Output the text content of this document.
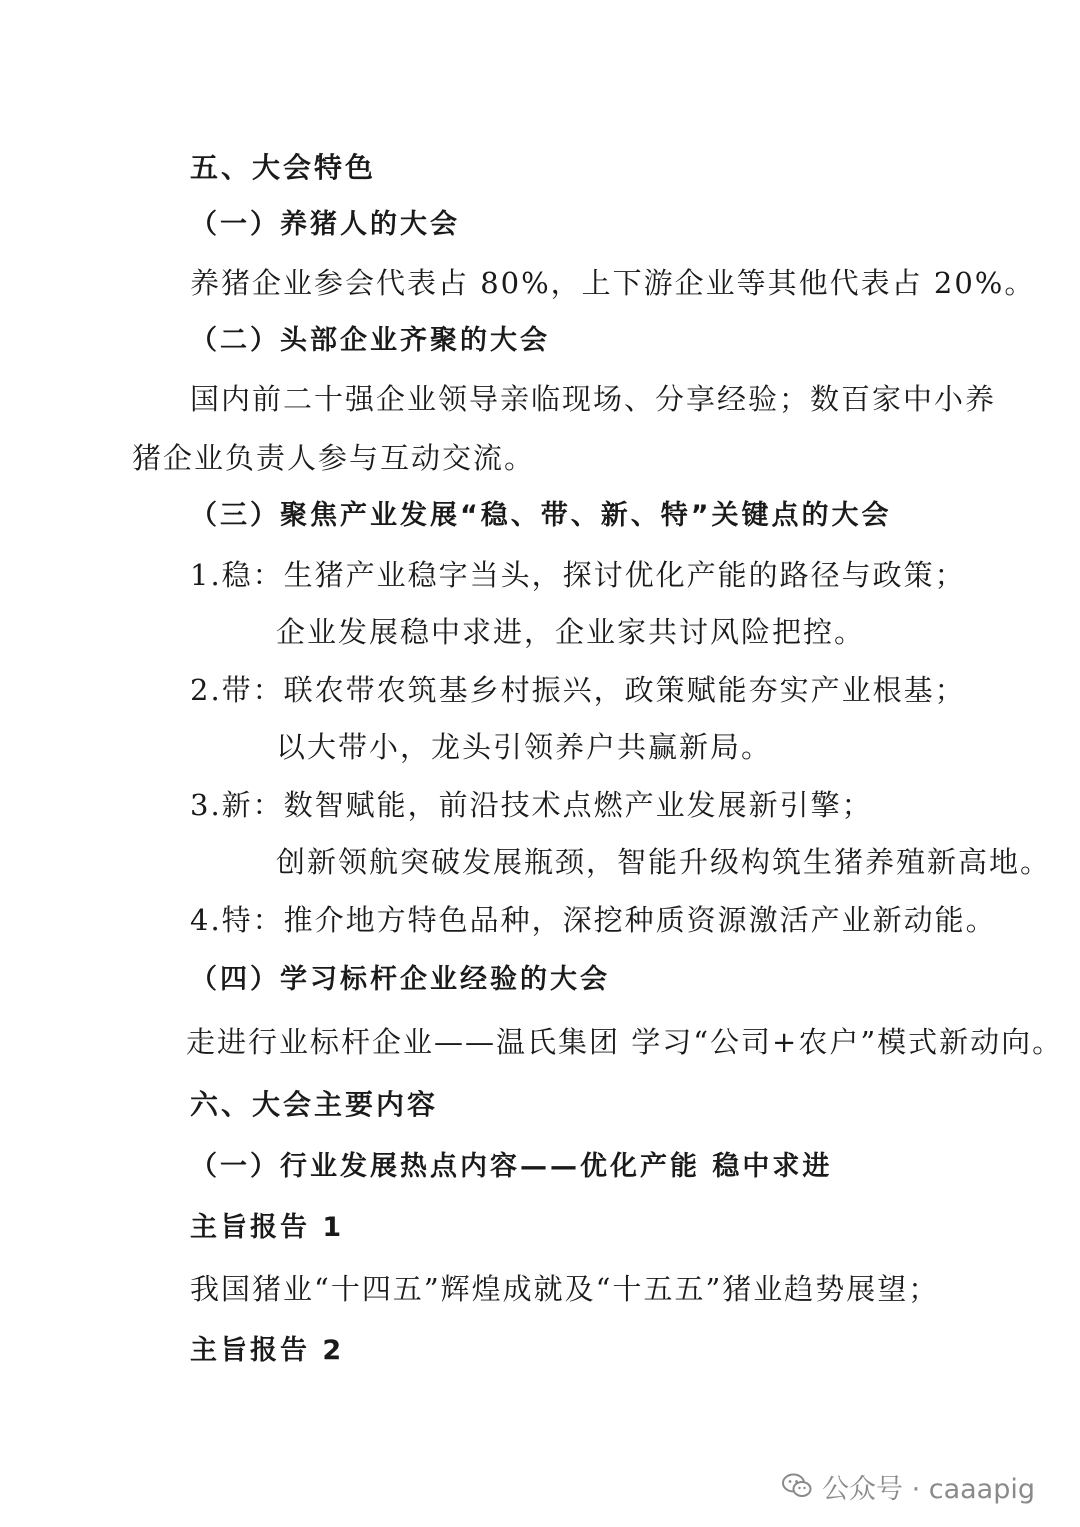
五、大会特色
（一）养猪人的大会
养猪企业参会代表占 80%，上下游企业等其他代表占 20%。
（二）头部企业齐聚的大会
国内前二十强企业领导亲临现场、分享经验；数百家中小养
猪企业负责人参与互动交流。
（三）聚焦产业发展“稳、带、新、特”关键点的大会
1.稳：生猪产业稳字当头，探讨优化产能的路径与政策；
企业发展稳中求进，企业家共讨风险把控。
2.带：联农带农筑基乡村振兴，政策赋能夯实产业根基；
以大带小，龙头引领养户共赢新局。
3.新：数智赋能，前沿技术点燃产业发展新引擎；
创新领航突破发展瓶颈，智能升级构筑生猪养殖新高地。
4.特：推介地方特色品种，深挖种质资源激活产业新动能。
（四）学习标杆企业经验的大会
走进行业标杆企业——温氏集团 学习“公司+农户”模式新动向。
六、大会主要内容
（一）行业发展热点内容——优化产能 稳中求进
主旨报告 1
我国猪业“十四五”辉煌成就及“十五五”猪业趋势展望；
主旨报告 2
公众号 · caaapig
